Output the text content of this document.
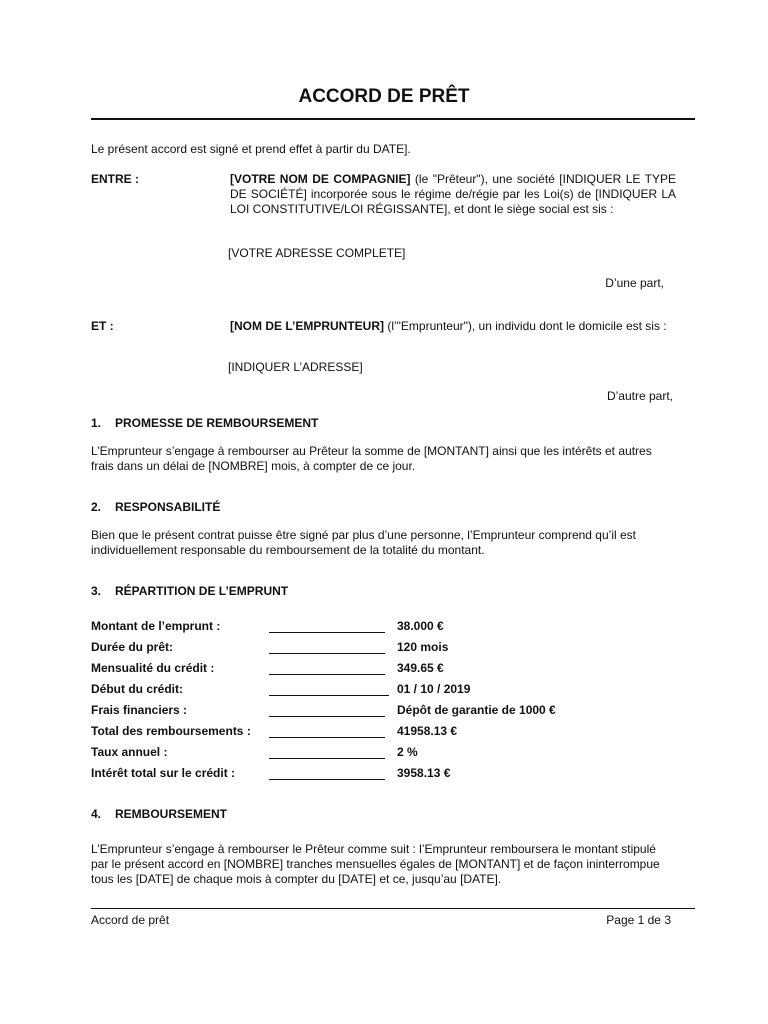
ACCORD DE PRÊT
Le présent accord est signé et prend effet à partir du DATE].
ENTRE :	[VOTRE NOM DE COMPAGNIE] (le "Prêteur"), une société [INDIQUER LE TYPE DE SOCIÉTÉ] incorporée sous le régime de/régie par les Loi(s) de [INDIQUER LA LOI CONSTITUTIVE/LOI RÉGISSANTE], et dont le siège social est sis :
[VOTRE ADRESSE COMPLETE]
D’une part,
ET :	[NOM DE L’EMPRUNTEUR] (l’"Emprunteur"), un individu dont le domicile est sis :
[INDIQUER L’ADRESSE]
D’autre part,
1. PROMESSE DE REMBOURSEMENT
L’Emprunteur s’engage à rembourser au Prêteur la somme de [MONTANT] ainsi que les intérêts et autres frais dans un délai de [NOMBRE] mois, à compter de ce jour.
2. RESPONSABILITÉ
Bien que le présent contrat puisse être signé par plus d’une personne, l’Emprunteur comprend qu’il est individuellement responsable du remboursement de la totalité du montant.
3. RÉPARTITION DE L’EMPRUNT
Montant de l’emprunt :	38.000 €
Durée du prêt:	120 mois
Mensualité du crédit :	349.65 €
Début du crédit:	01 / 10 / 2019
Frais financiers :	Dépôt de garantie de 1000 €
Total des remboursements :	41958.13 €
Taux annuel :	2 %
Intérêt total sur le crédit :	3958.13 €
4. REMBOURSEMENT
L’Emprunteur s’engage à rembourser le Prêteur comme suit : l’Emprunteur remboursera le montant stipulé par le présent accord en [NOMBRE] tranches mensuelles égales de [MONTANT] et de façon ininterrompue tous les [DATE] de chaque mois à compter du [DATE] et ce, jusqu’au [DATE].
Accord de prêt	Page 1 de 3
